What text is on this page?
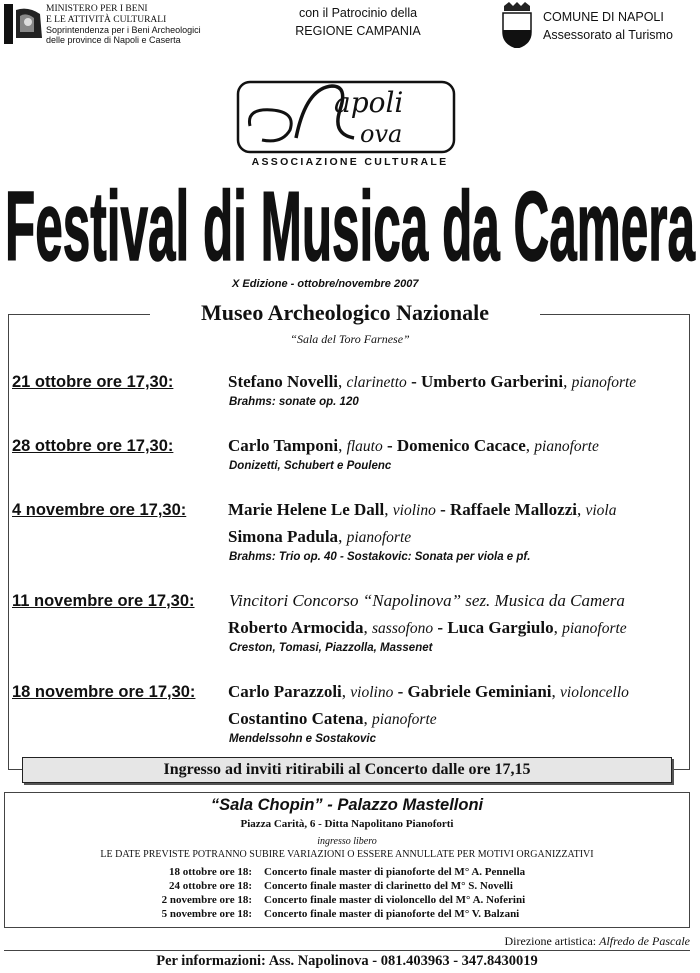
MINISTERO PER I BENI
E LE ATTIVITÀ CULTURALI
Soprintendenza per i Beni Archeologici
delle province di Napoli e Caserta
con il Patrocinio della
REGIONE CAMPANIA
COMUNE DI NAPOLI
Assessorato al Turismo
apoli
ova
ASSOCIAZIONE CULTURALE
Festival di Musica da Camera
X Edizione - ottobre/novembre 2007
Museo Archeologico Nazionale
“Sala del Toro Farnese”
21 ottobre ore 17,30:	Stefano Novelli, clarinetto - Umberto Garberini, pianoforte
Brahms: sonate op. 120
28 ottobre ore 17,30:	Carlo Tamponi, flauto - Domenico Cacace, pianoforte
Donizetti, Schubert e Poulenc
4 novembre ore 17,30: Marie Helene Le Dall, violino - Raffaele Mallozzi, viola
Simona Padula, pianoforte
Brahms: Trio op. 40 - Sostakovic: Sonata per viola e pf.
11 novembre ore 17,30: Vincitori Concorso “Napolinova” sez. Musica da Camera
Roberto Armocida, sassofono - Luca Gargiulo, pianoforte
Creston, Tomasi, Piazzolla, Massenet
18 novembre ore 17,30: Carlo Parazzoli, violino - Gabriele Geminiani, violoncello
Costantino Catena, pianoforte
Mendelssohn e Sostakovic
Ingresso ad inviti ritirabili al Concerto dalle ore 17,15
“Sala Chopin” - Palazzo Mastelloni
Piazza Carità, 6 - Ditta Napolitano Pianoforti
ingresso libero
LE DATE PREVISTE POTRANNO SUBIRE VARIAZIONI O ESSERE ANNULLATE PER MOTIVI ORGANIZZATIVI
18 ottobre ore 18: Concerto finale master di pianoforte del M° A. Pennella
24 ottobre ore 18: Concerto finale master di clarinetto del M° S. Novelli
2 novembre ore 18: Concerto finale master di violoncello del M° A. Noferini
5 novembre ore 18: Concerto finale master di pianoforte del M° V. Balzani
Direzione artistica: Alfredo de Pascale
Per informazioni: Ass. Napolinova - 081.403963 - 347.8430019
